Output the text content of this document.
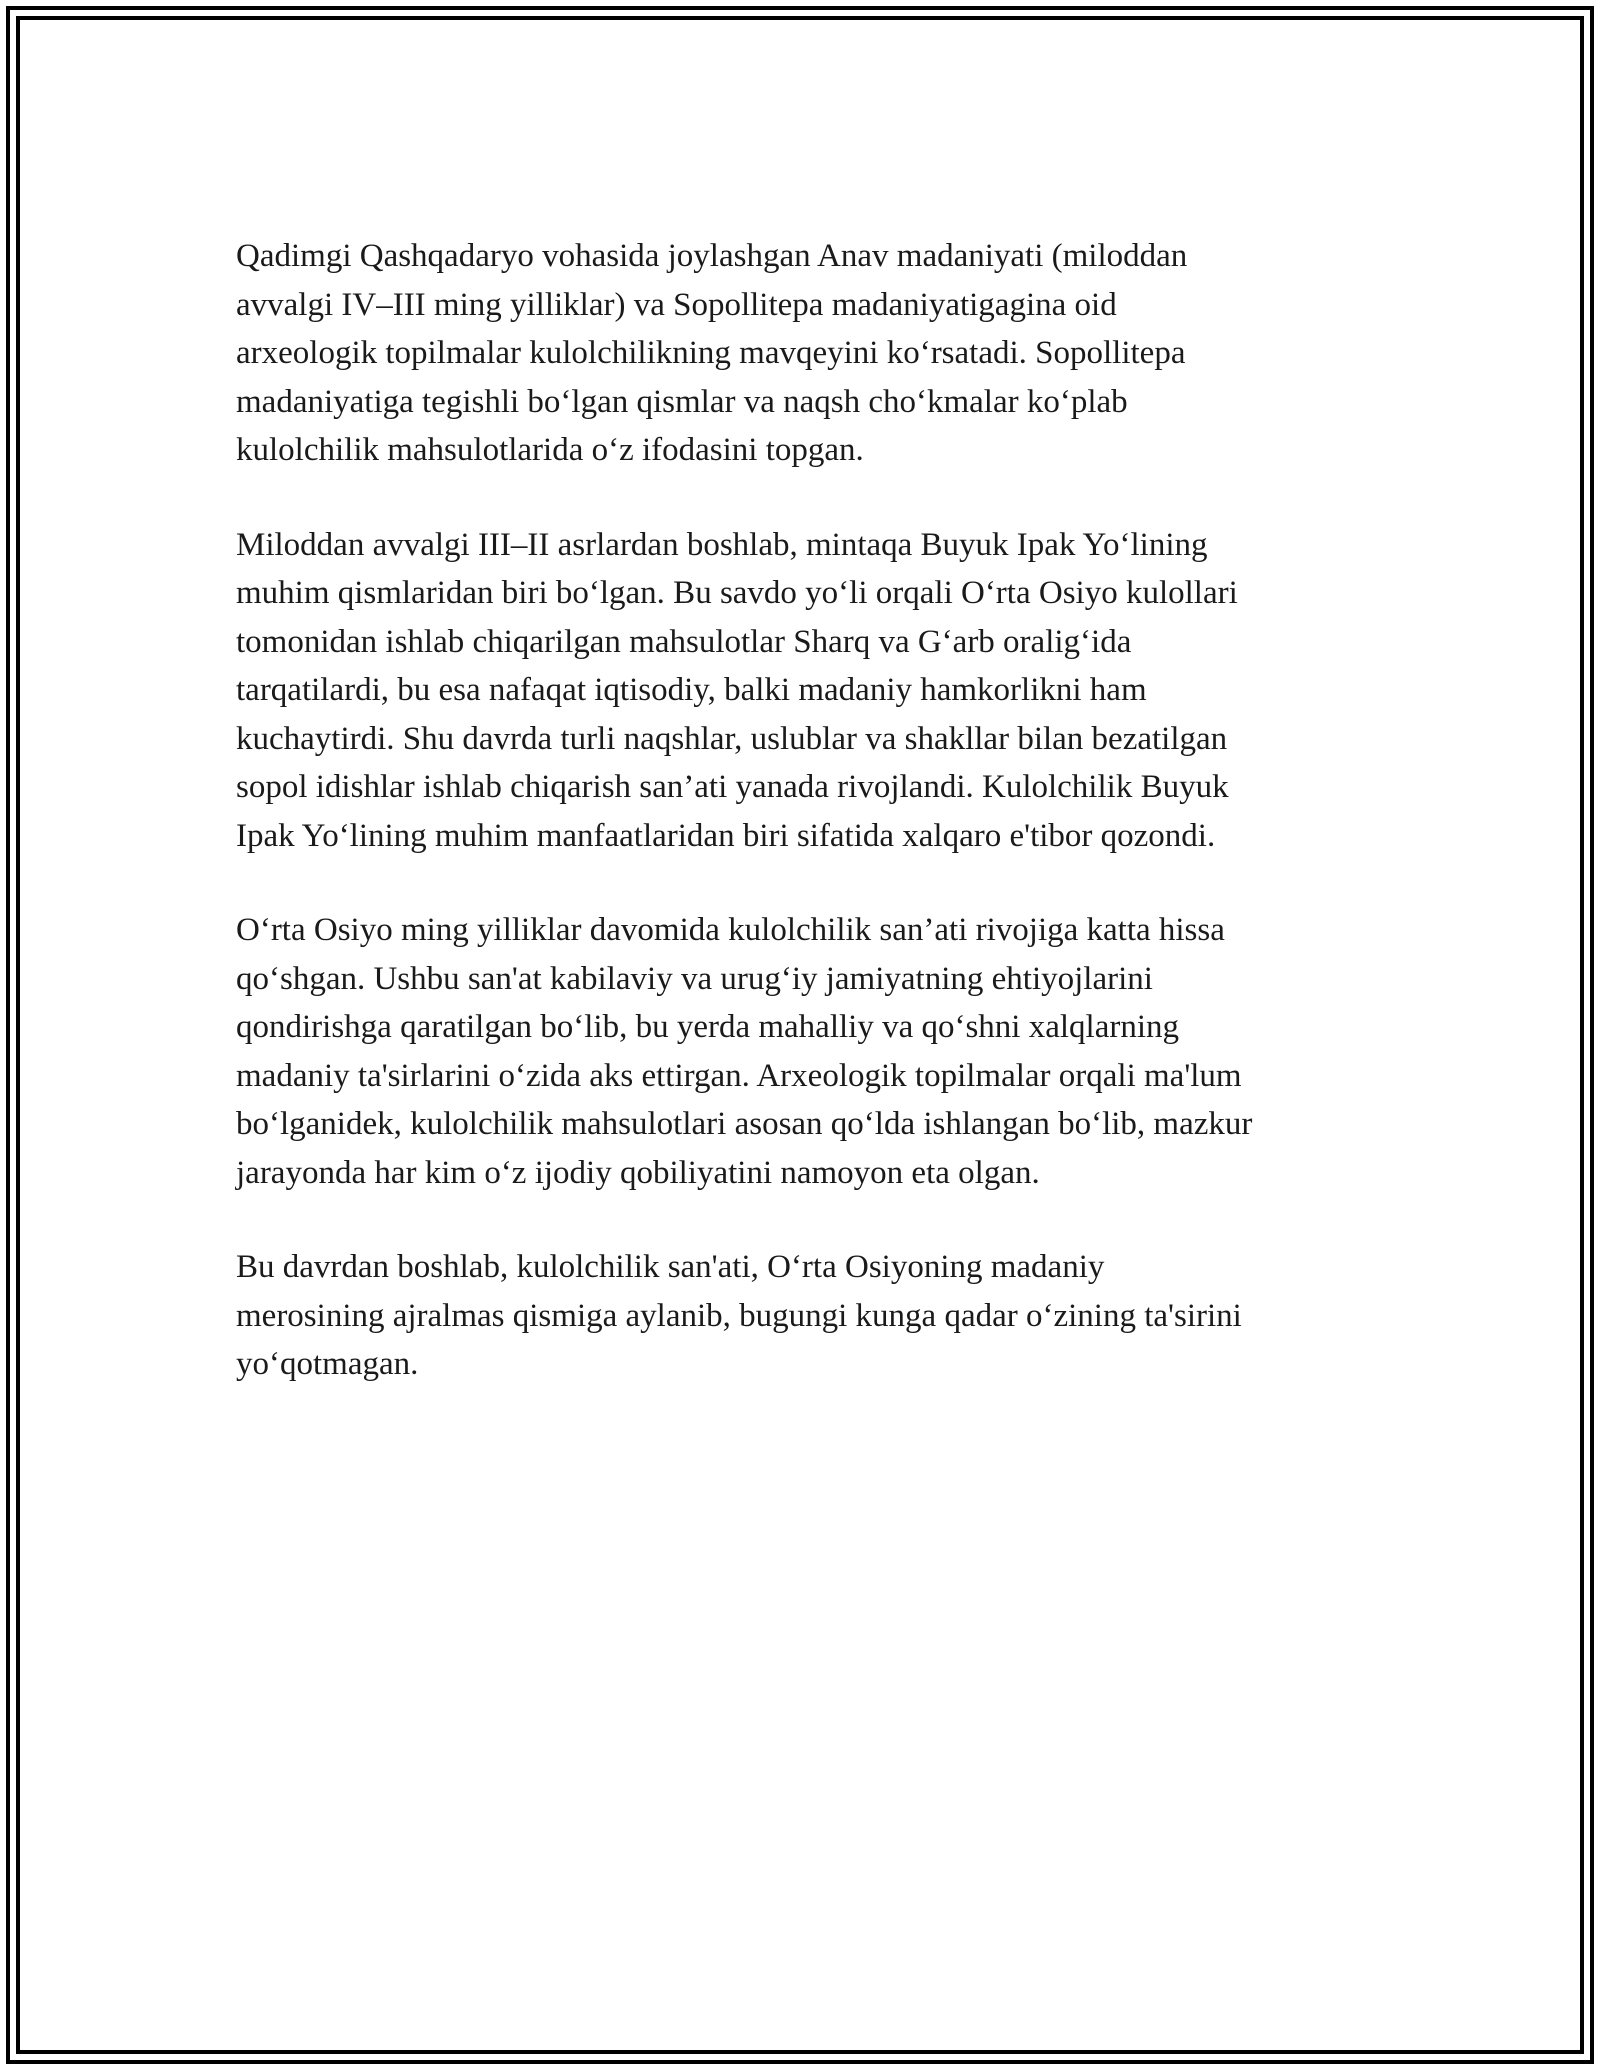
Qadimgi Qashqadaryo vohasida joylashgan Anav madaniyati (miloddan
avvalgi IV–III ming yilliklar) va Sopollitepa madaniyatigagina oid
arxeologik topilmalar kulolchilikning mavqeyini koʻrsatadi. Sopollitepa
madaniyatiga tegishli boʻlgan qismlar va naqsh choʻkmalar koʻplab
kulolchilik mahsulotlarida oʻz ifodasini topgan.

Miloddan avvalgi III–II asrlardan boshlab, mintaqa Buyuk Ipak Yoʻlining
muhim qismlaridan biri boʻlgan. Bu savdo yoʻli orqali Oʻrta Osiyo kulollari
tomonidan ishlab chiqarilgan mahsulotlar Sharq va Gʻarb oraligʻida
tarqatilardi, bu esa nafaqat iqtisodiy, balki madaniy hamkorlikni ham
kuchaytirdi. Shu davrda turli naqshlar, uslublar va shakllar bilan bezatilgan
sopol idishlar ishlab chiqarish san’ati yanada rivojlandi. Kulolchilik Buyuk
Ipak Yoʻlining muhim manfaatlaridan biri sifatida xalqaro e'tibor qozondi.

Oʻrta Osiyo ming yilliklar davomida kulolchilik san’ati rivojiga katta hissa
qoʻshgan. Ushbu san'at kabilaviy va urugʻiy jamiyatning ehtiyojlarini
qondirishga qaratilgan boʻlib, bu yerda mahalliy va qoʻshni xalqlarning
madaniy ta'sirlarini oʻzida aks ettirgan. Arxeologik topilmalar orqali ma'lum
boʻlganidek, kulolchilik mahsulotlari asosan qoʻlda ishlangan boʻlib, mazkur
jarayonda har kim oʻz ijodiy qobiliyatini namoyon eta olgan.

Bu davrdan boshlab, kulolchilik san'ati, Oʻrta Osiyoning madaniy
merosining ajralmas qismiga aylanib, bugungi kunga qadar oʻzining ta'sirini
yoʻqotmagan.
